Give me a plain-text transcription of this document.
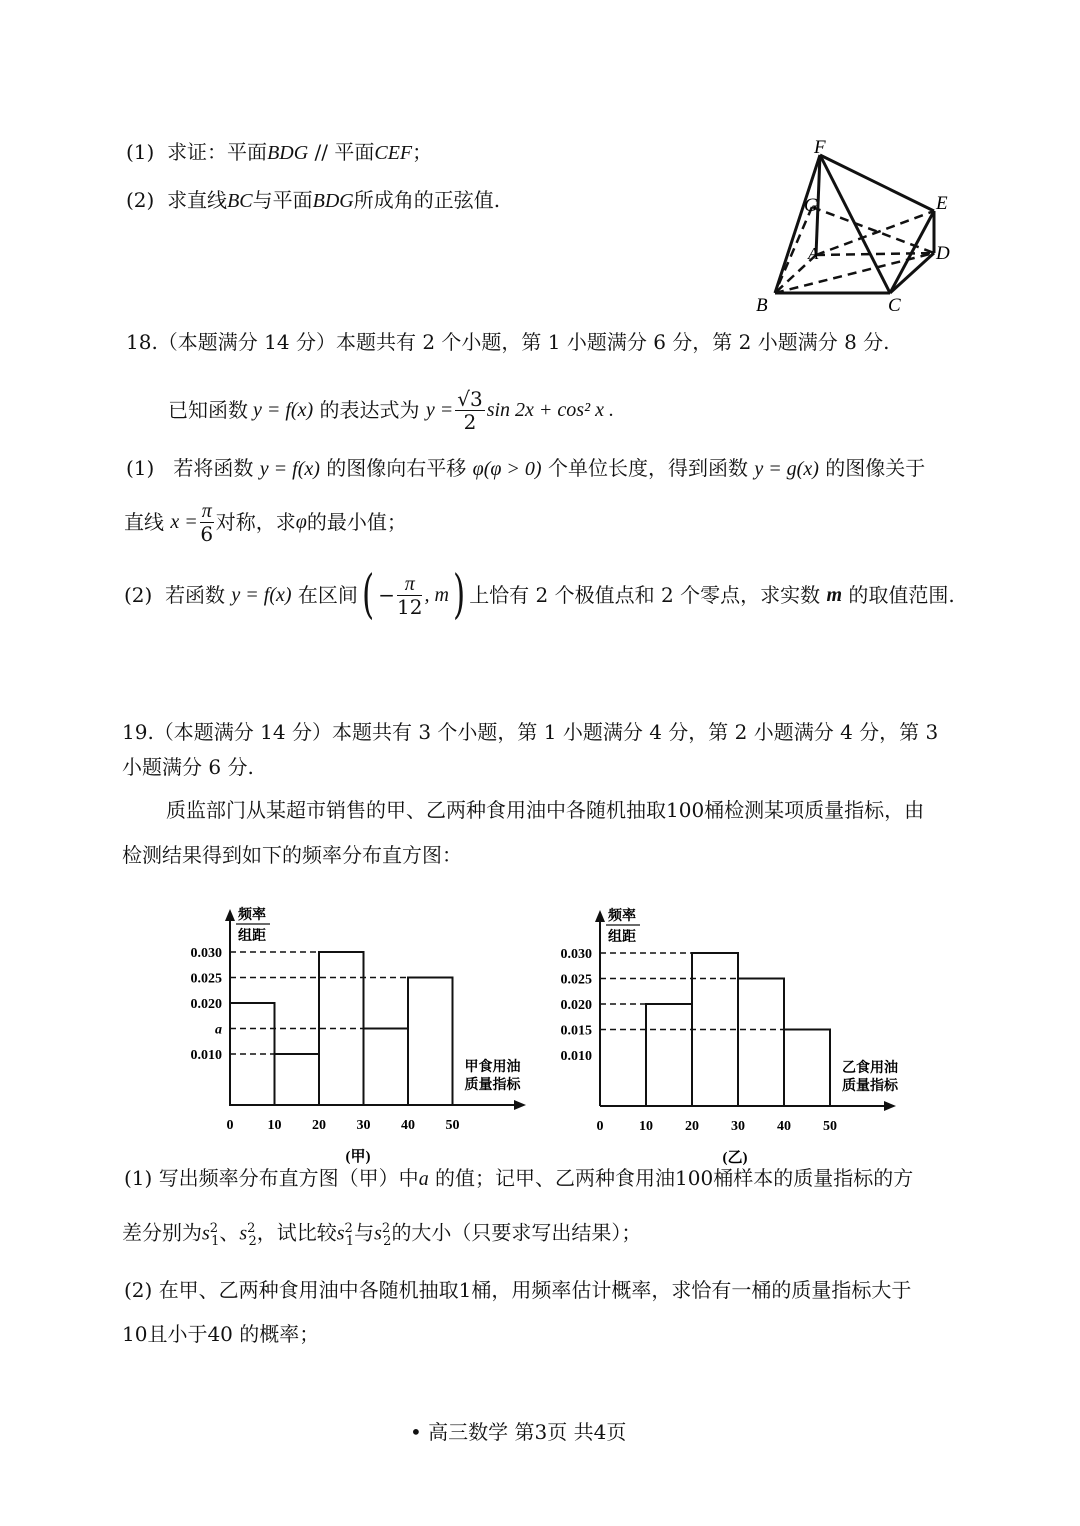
(1) 求证：平面BDG // 平面CEF；
(2) 求直线BC与平面BDG所成角的正弦值.
F
G	E
A	D
B	C
18.（本题满分 14 分）本题共有 2 个小题，第 1 小题满分 6 分，第 2 小题满分 8 分.
已知函数
y = f(x)
的表达式为
$y = \frac{√3}{2}$ sin 2x + cos² x .
(1) 若将函数 y = f(x) 的图像向右平移 φ(φ > 0) 个单位长度，得到函数 y = g(x) 的图像关于
直线
$x = \frac{\pi}{6}$ 对称，求 φ 的最小值；
(2)
若函数
y = f(x)
在区间 ( − $\frac{\pi}{12}$ , m ) 上恰有 2 个极值点和 2 个零点，求实数
m
的取值范围.
19.（本题满分 14 分）本题共有 3 个小题，第 1 小题满分 4 分，第 2 小题满分 4 分，第 3
小题满分 6 分.
质监部门从某超市销售的甲、乙两种食用油中各随机抽取100桶检测某项质量指标，由
检测结果得到如下的频率分布直方图：
频率
组距
0.030
0.025
0.020
a
0.010
0 10 20 30 40 50
甲食用油
质量指标
(甲)
频率
组距
0.030
0.025
0.020
0.015
0.010
0	10 20 30 40 50
乙食用油
质量指标
(乙)
(1) 写出频率分布直方图（甲）中a 的值；记甲、乙两种食用油100桶样本的质量指标的方
差分别为$s^2_1$、$s^2_2$，试比较$s^2_1$与$s^2_2$的大小（只要求写出结果）；
(2) 在甲、乙两种食用油中各随机抽取1桶，用频率估计概率，求恰有一桶的质量指标大于
10且小于40 的概率；
• 高三数学 第3页 共4页
